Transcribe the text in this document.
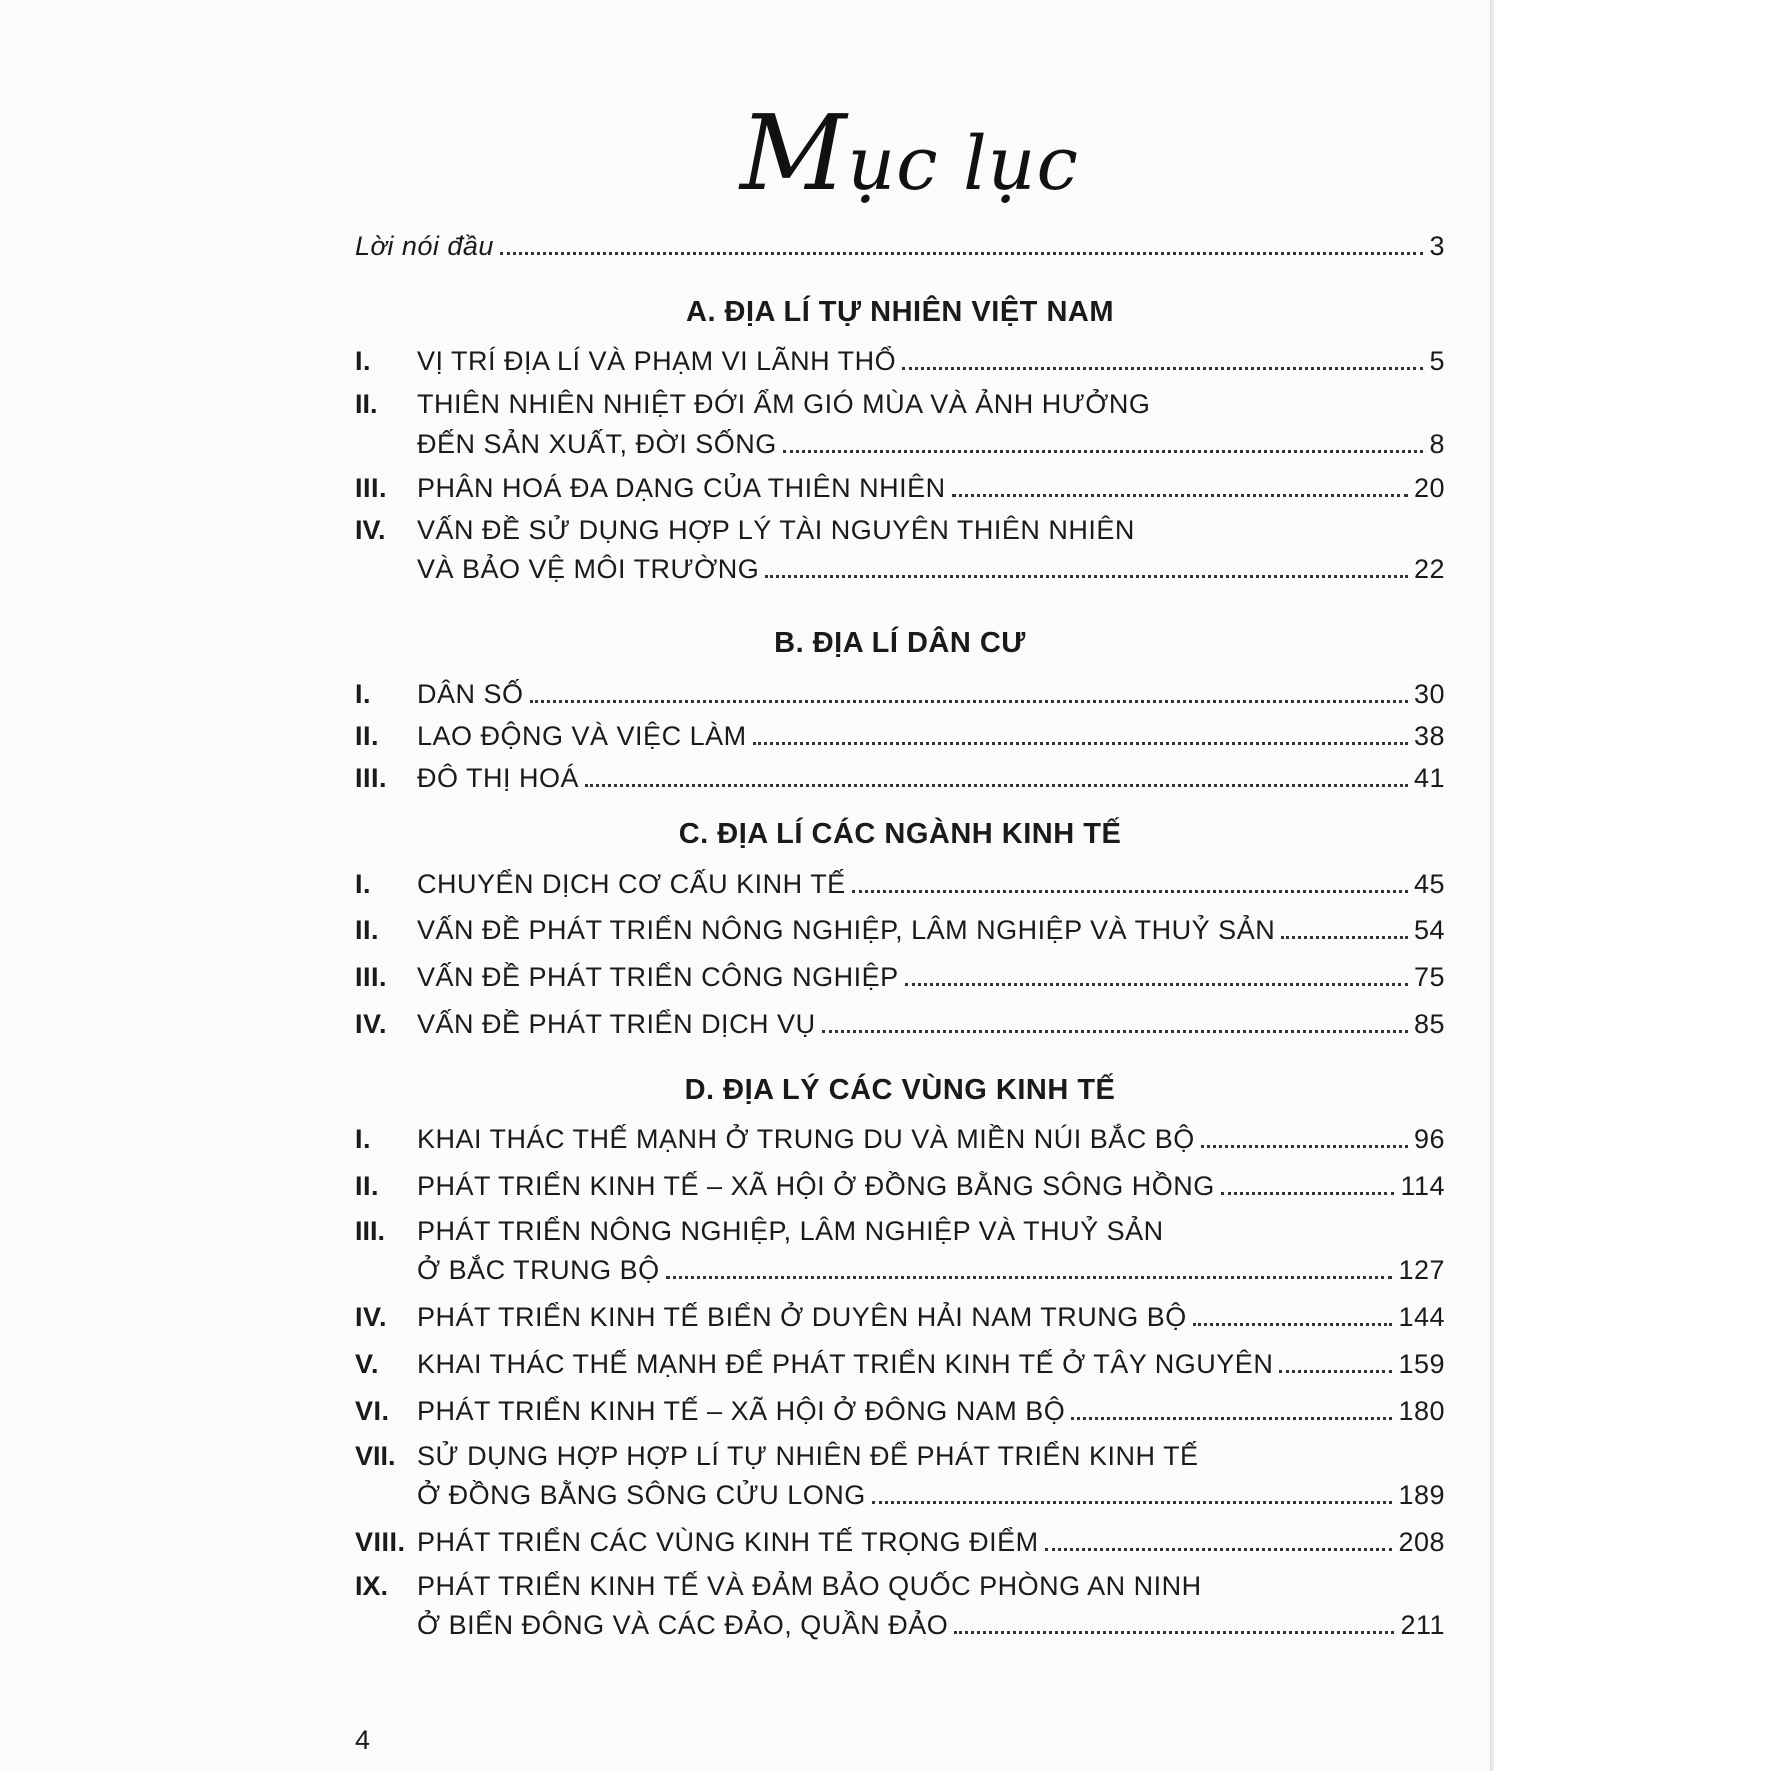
Mục lục
Lời nói đầu	3
A. ĐỊA LÍ TỰ NHIÊN VIỆT NAM
I.	VỊ TRÍ ĐỊA LÍ VÀ PHẠM VI LÃNH THỔ	5
II. THIÊN NHIÊN NHIỆT ĐỚI ẨM GIÓ MÙA VÀ ẢNH HƯỞNG
ĐẾN SẢN XUẤT, ĐỜI SỐNG	8
III.	PHÂN HOÁ ĐA DẠNG CỦA THIÊN NHIÊN	20
IV. VẤN ĐỀ SỬ DỤNG HỢP LÝ TÀI NGUYÊN THIÊN NHIÊN
VÀ BẢO VỆ MÔI TRƯỜNG	22
B. ĐỊA LÍ DÂN CƯ
I.	DÂN SỐ	30
II.	LAO ĐỘNG VÀ VIỆC LÀM	38
III.	ĐÔ THỊ HOÁ	41
C. ĐỊA LÍ CÁC NGÀNH KINH TẾ
I.	CHUYỂN DỊCH CƠ CẤU KINH TẾ	45
II.	VẤN ĐỀ PHÁT TRIỂN NÔNG NGHIỆP, LÂM NGHIỆP VÀ THUỶ SẢN	54
III.	VẤN ĐỀ PHÁT TRIỂN CÔNG NGHIỆP	75
IV.	VẤN ĐỀ PHÁT TRIỂN DỊCH VỤ	85
D. ĐỊA LÝ CÁC VÙNG KINH TẾ
I.	KHAI THÁC THẾ MẠNH Ở TRUNG DU VÀ MIỀN NÚI BẮC BỘ	96
II.	PHÁT TRIỂN KINH TẾ – XÃ HỘI Ở ĐỒNG BẰNG SÔNG HỒNG	114
III. PHÁT TRIỂN NÔNG NGHIỆP, LÂM NGHIỆP VÀ THUỶ SẢN
Ở BẮC TRUNG BỘ	127
IV.	PHÁT TRIỂN KINH TẾ BIỂN Ở DUYÊN HẢI NAM TRUNG BỘ	144
V.	KHAI THÁC THẾ MẠNH ĐỂ PHÁT TRIỂN KINH TẾ Ở TÂY NGUYÊN	159
VI.	PHÁT TRIỂN KINH TẾ – XÃ HỘI Ở ĐÔNG NAM BỘ	180
VII. SỬ DỤNG HỢP HỢP LÍ TỰ NHIÊN ĐỂ PHÁT TRIỂN KINH TẾ
Ở ĐỒNG BẰNG SÔNG CỬU LONG	189
VIII. PHÁT TRIỂN CÁC VÙNG KINH TẾ TRỌNG ĐIỂM	208
IX. PHÁT TRIỂN KINH TẾ VÀ ĐẢM BẢO QUỐC PHÒNG AN NINH
Ở BIỂN ĐÔNG VÀ CÁC ĐẢO, QUẦN ĐẢO	211
4
